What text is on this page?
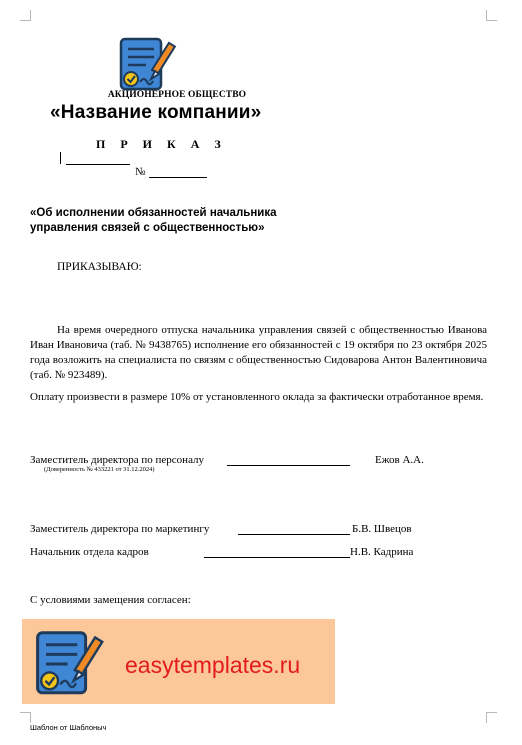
АКЦИОНЕРНОЕ ОБЩЕСТВО
«Название компании»
П Р И К А З
№
«Об исполнении обязанностей начальника
управления связей с общественностью»
ПРИКАЗЫВАЮ:
На время очередного отпуска начальника управления связей с общественностью Иванова Иван Ивановича (таб. № 9438765) исполнение его обязанностей с 19 октября по 23 октября 2025 года возложить на специалиста по связям с общественностью Сидоварова Антон Валентиновича (таб. № 923489).
Оплату произвести в размере 10% от установленного оклада за фактически отработанное время.
Заместитель директора по персоналу	Ежов А.А.
(Доверенность № 433221 от 31.12.2024)
Заместитель директора по маркетингу	Б.В. Швецов
Начальник отдела кадров	Н.В. Кадрина
С условиями замещения согласен:
easytemplates.ru
Шаблон от Шаблоныч
